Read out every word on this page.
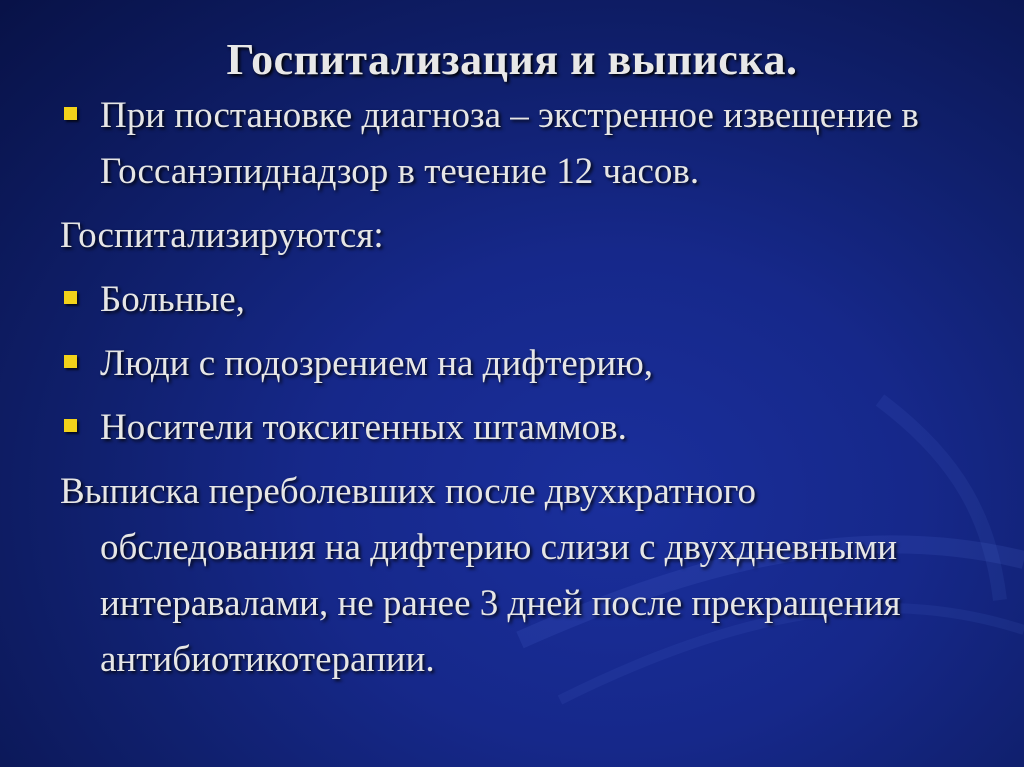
Госпитализация и выписка.

При постановке диагноза – экстренное извещение в Госсанэпиднадзор в течение 12 часов.

Госпитализируются:

Больные,

Люди с подозрением на дифтерию,

Носители токсигенных штаммов.

Выписка переболевших после двухкратного обследования на дифтерию слизи с двухдневными интеравалами, не ранее 3 дней после прекращения антибиотикотерапии.
